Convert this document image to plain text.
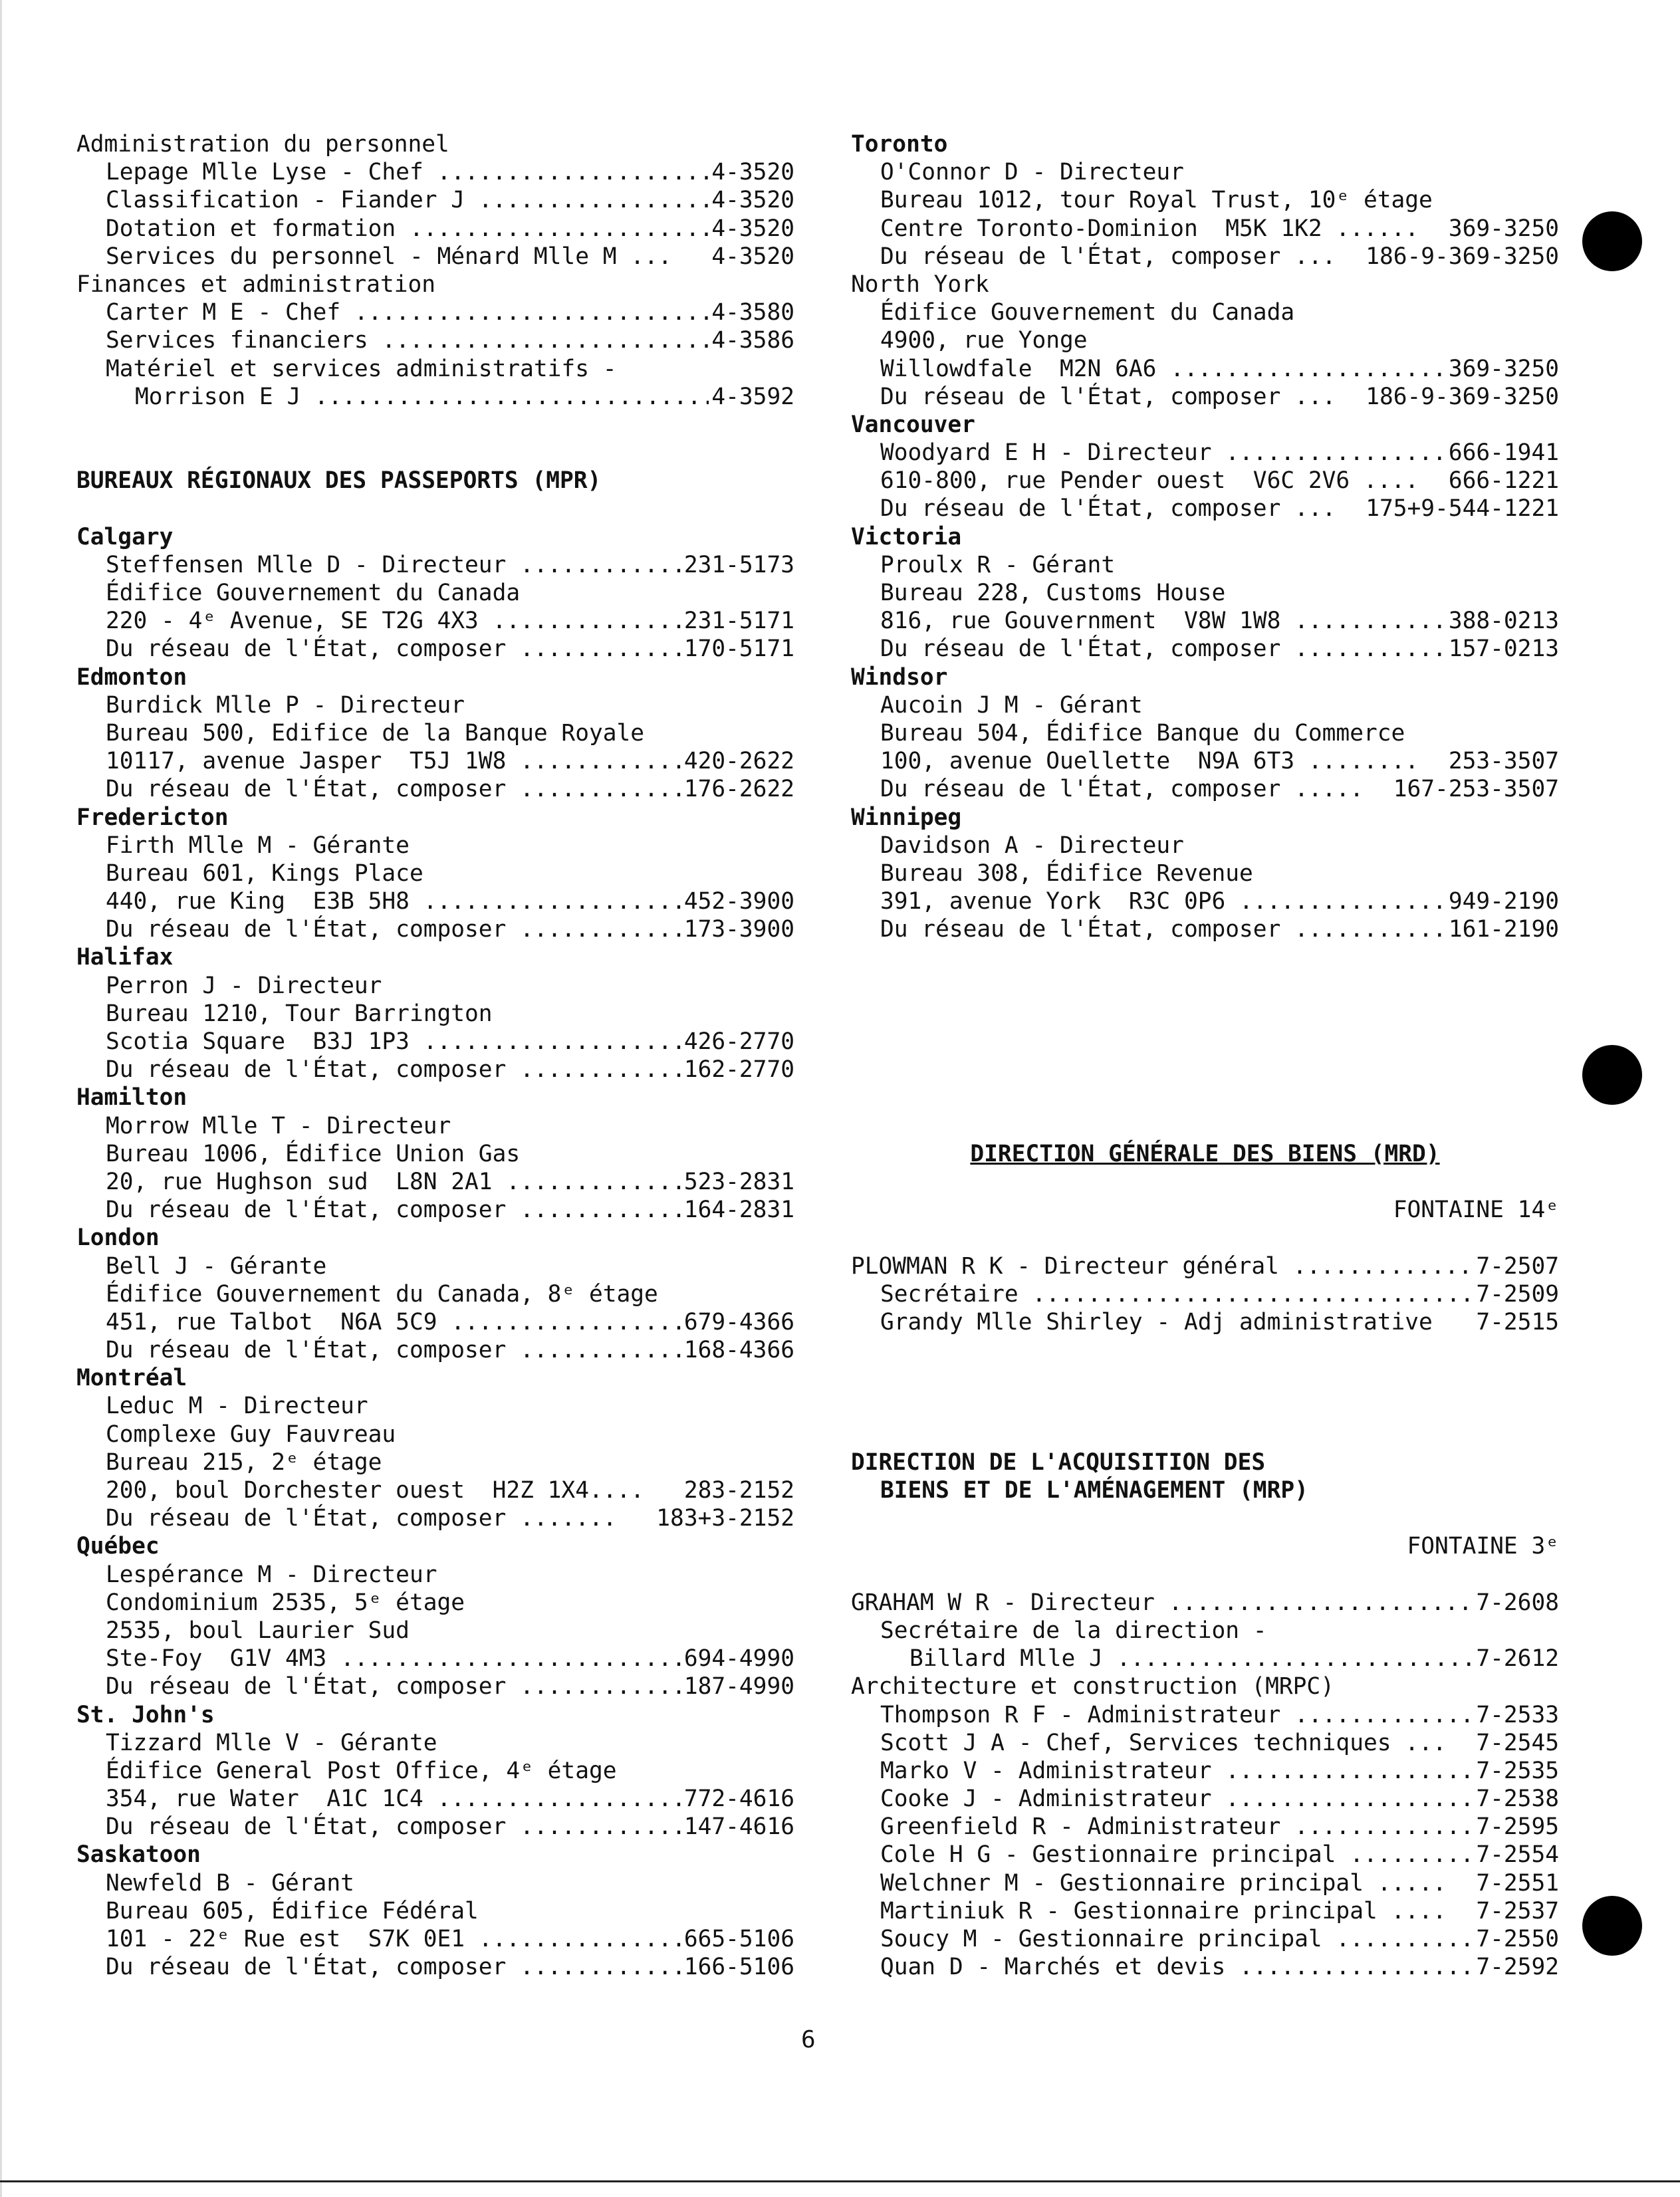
Administration du personnel
Lepage Mlle Lyse - Chef .....	4-3520
Classification - Fiander J .....	4-3520
Dotation et formation .....	4-3520
Services du personnel - Ménard Mlle M ... 4-3520
Finances et administration
Carter M E - Chef .....	4-3580
Services financiers .....	4-3586
Matériel et services administratifs -
Morrison E J .....	4-3592
BUREAUX RÉGIONAUX DES PASSEPORTS (MPR)
Calgary
Steffensen Mlle D - Directeur .....	231-5173
Édifice Gouvernement du Canada
220 - 4ᵉ Avenue, SE T2G 4X3 .....	231-5171
Du réseau de l'État, composer .....	170-5171
Edmonton
Burdick Mlle P - Directeur
Bureau 500, Edifice de la Banque Royale
10117, avenue Jasper  T5J 1W8 .....	420-2622
Du réseau de l'État, composer .....	176-2622
Fredericton
Firth Mlle M - Gérante
Bureau 601, Kings Place
440, rue King  E3B 5H8 .....	452-3900
Du réseau de l'État, composer .....	173-3900
Halifax
Perron J - Directeur
Bureau 1210, Tour Barrington
Scotia Square  B3J 1P3 .....	426-2770
Du réseau de l'État, composer .....	162-2770
Hamilton
Morrow Mlle T - Directeur
Bureau 1006, Édifice Union Gas
20, rue Hughson sud  L8N 2A1 .....	523-2831
Du réseau de l'État, composer .....	164-2831
London
Bell J - Gérante
Édifice Gouvernement du Canada, 8ᵉ étage
451, rue Talbot  N6A 5C9 .....	679-4366
Du réseau de l'État, composer .....	168-4366
Montréal
Leduc M - Directeur
Complexe Guy Fauvreau
Bureau 215, 2ᵉ étage
200, boul Dorchester ouest  H2Z 1X4.... 283-2152
Du réseau de l'État, composer ....... 183+3-2152
Québec
Lespérance M - Directeur
Condominium 2535, 5ᵉ étage
2535, boul Laurier Sud
Ste-Foy  G1V 4M3 .....	694-4990
Du réseau de l'État, composer .....	187-4990
St. John's
Tizzard Mlle V - Gérante
Édifice General Post Office, 4ᵉ étage
354, rue Water  A1C 1C4 .....	772-4616
Du réseau de l'État, composer .....	147-4616
Saskatoon
Newfeld B - Gérant
Bureau 605, Édifice Fédéral
101 - 22ᵉ Rue est  S7K 0E1 .....	665-5106
Du réseau de l'État, composer .....	166-5106
Toronto
O'Connor D - Directeur
Bureau 1012, tour Royal Trust, 10ᵉ étage
Centre Toronto-Dominion  M5K 1K2 ...... 369-3250
Du réseau de l'État, composer ... 186-9-369-3250
North York
Édifice Gouvernement du Canada
4900, rue Yonge
Willowdfale  M2N 6A6 .....	369-3250
Du réseau de l'État, composer ... 186-9-369-3250
Vancouver
Woodyard E H - Directeur .....	666-1941
610-800, rue Pender ouest  V6C 2V6 .... 666-1221
Du réseau de l'État, composer ... 175+9-544-1221
Victoria
Proulx R - Gérant
Bureau 228, Customs House
816, rue Gouvernment  V8W 1W8 .....	388-0213
Du réseau de l'État, composer .....	157-0213
Windsor
Aucoin J M - Gérant
Bureau 504, Édifice Banque du Commerce
100, avenue Ouellette  N9A 6T3 ........ 253-3507
Du réseau de l'État, composer ..... 167-253-3507
Winnipeg
Davidson A - Directeur
Bureau 308, Édifice Revenue
391, avenue York  R3C 0P6 .....	949-2190
Du réseau de l'État, composer .....	161-2190
DIRECTION GÉNÉRALE DES BIENS (MRD)
FONTAINE 14ᵉ
PLOWMAN R K - Directeur général .....	7-2507
Secrétaire .....	7-2509
Grandy Mlle Shirley - Adj administrative 7-2515
DIRECTION DE L'ACQUISITION DES
BIENS ET DE L'AMÉNAGEMENT (MRP)
FONTAINE 3ᵉ
GRAHAM W R - Directeur .....	7-2608
Secrétaire de la direction -
Billard Mlle J .....	7-2612
Architecture et construction (MRPC)
Thompson R F - Administrateur .....	7-2533
Scott J A - Chef, Services techniques ... 7-2545
Marko V - Administrateur .....	7-2535
Cooke J - Administrateur .....	7-2538
Greenfield R - Administrateur .....	7-2595
Cole H G - Gestionnaire principal .....	7-2554
Welchner M - Gestionnaire principal ..... 7-2551
Martiniuk R - Gestionnaire principal .... 7-2537
Soucy M - Gestionnaire principal .....	7-2550
Quan D - Marchés et devis .....	7-2592
6
